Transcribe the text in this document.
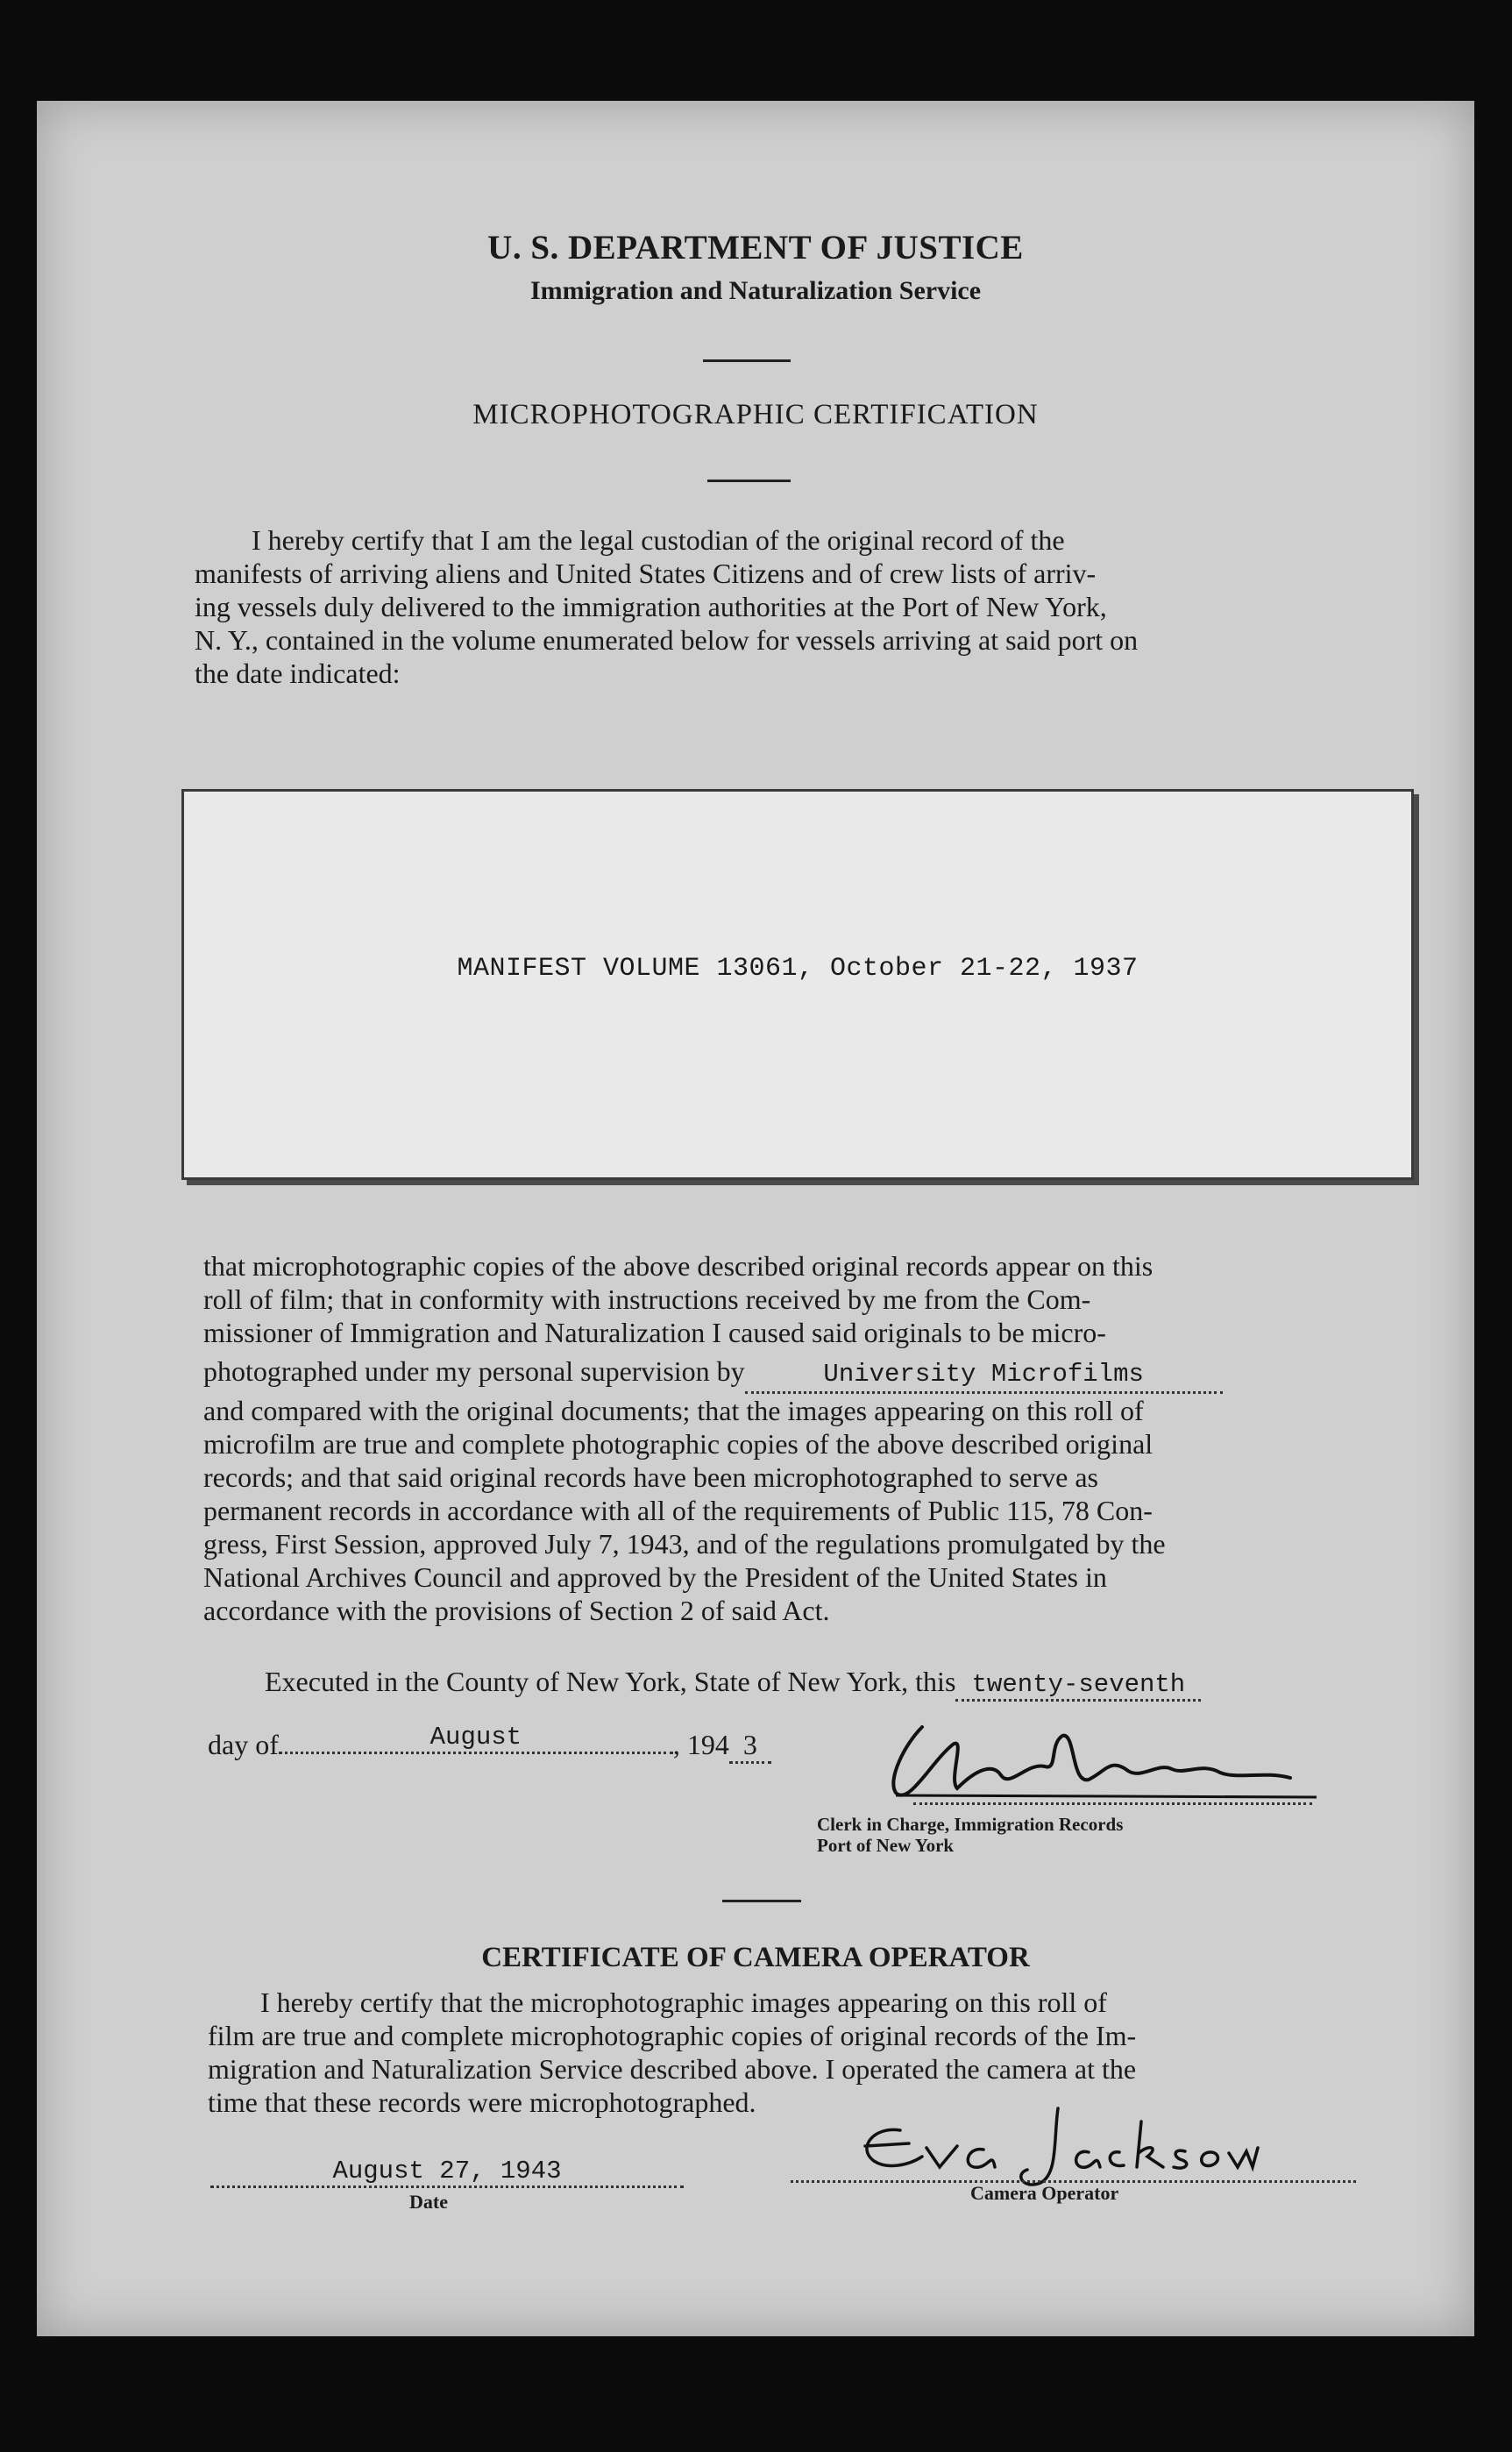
U. S. DEPARTMENT OF JUSTICE
Immigration and Naturalization Service
MICROPHOTOGRAPHIC CERTIFICATION
I hereby certify that I am the legal custodian of the original record of the
manifests of arriving aliens and United States Citizens and of crew lists of arriv-
ing vessels duly delivered to the immigration authorities at the Port of New York,
N. Y., contained in the volume enumerated below for vessels arriving at said port on
the date indicated:
MANIFEST VOLUME 13061, October 21-22, 1937
that microphotographic copies of the above described original records appear on this
roll of film; that in conformity with instructions received by me from the Com-
missioner of Immigration and Naturalization I caused said originals to be micro-
photographed under my personal supervision by	University Microfilms
and compared with the original documents; that the images appearing on this roll of
microfilm are true and complete photographic copies of the above described original
records; and that said original records have been microphotographed to serve as
permanent records in accordance with all of the requirements of Public 115, 78 Con-
gress, First Session, approved July 7, 1943, and of the regulations promulgated by the
National Archives Council and approved by the President of the United States in
accordance with the provisions of Section 2 of said Act.
Executed in the County of New York, State of New York, this twenty-seventh
day of	August	, 194 3
Clerk in Charge, Immigration Records
Port of New York
CERTIFICATE OF CAMERA OPERATOR
I hereby certify that the microphotographic images appearing on this roll of
film are true and complete microphotographic copies of original records of the Im-
migration and Naturalization Service described above. I operated the camera at the
time that these records were microphotographed.
August 27, 1943
Date	Camera Operator
